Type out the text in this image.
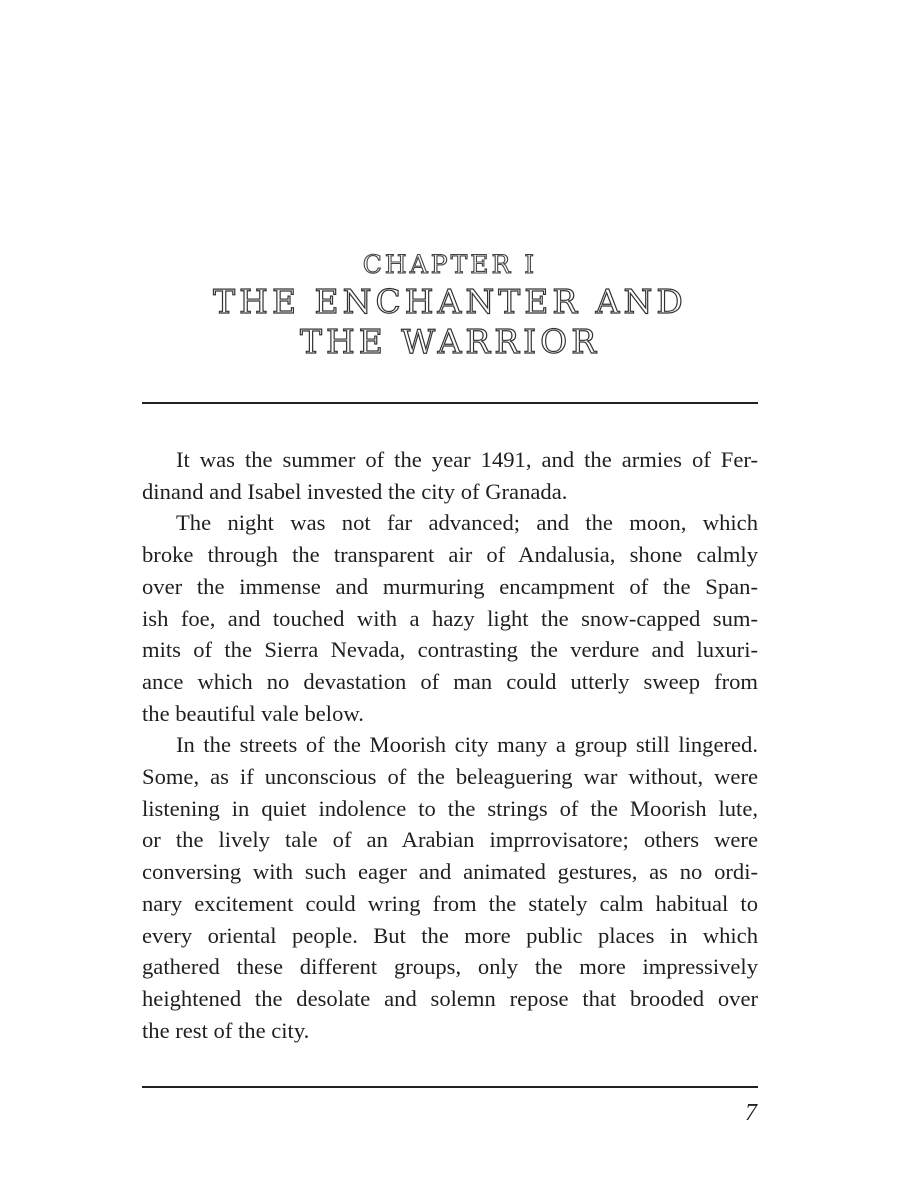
CHAPTER I
THE ENCHANTER AND
THE WARRIOR
It was the summer of the year 1491, and the armies of Fer-
dinand and Isabel invested the city of Granada.
The night was not far advanced; and the moon, which
broke through the transparent air of Andalusia, shone calmly
over the immense and murmuring encampment of the Span-
ish foe, and touched with a hazy light the snow-capped sum-
mits of the Sierra Nevada, contrasting the verdure and luxuri-
ance which no devastation of man could utterly sweep from
the beautiful vale below.
In the streets of the Moorish city many a group still lingered.
Some, as if unconscious of the beleaguering war without, were
listening in quiet indolence to the strings of the Moorish lute,
or the lively tale of an Arabian imprrovisatore; others were
conversing with such eager and animated gestures, as no ordi-
nary excitement could wring from the stately calm habitual to
every oriental people. But the more public places in which
gathered these different groups, only the more impressively
heightened the desolate and solemn repose that brooded over
the rest of the city.
7
